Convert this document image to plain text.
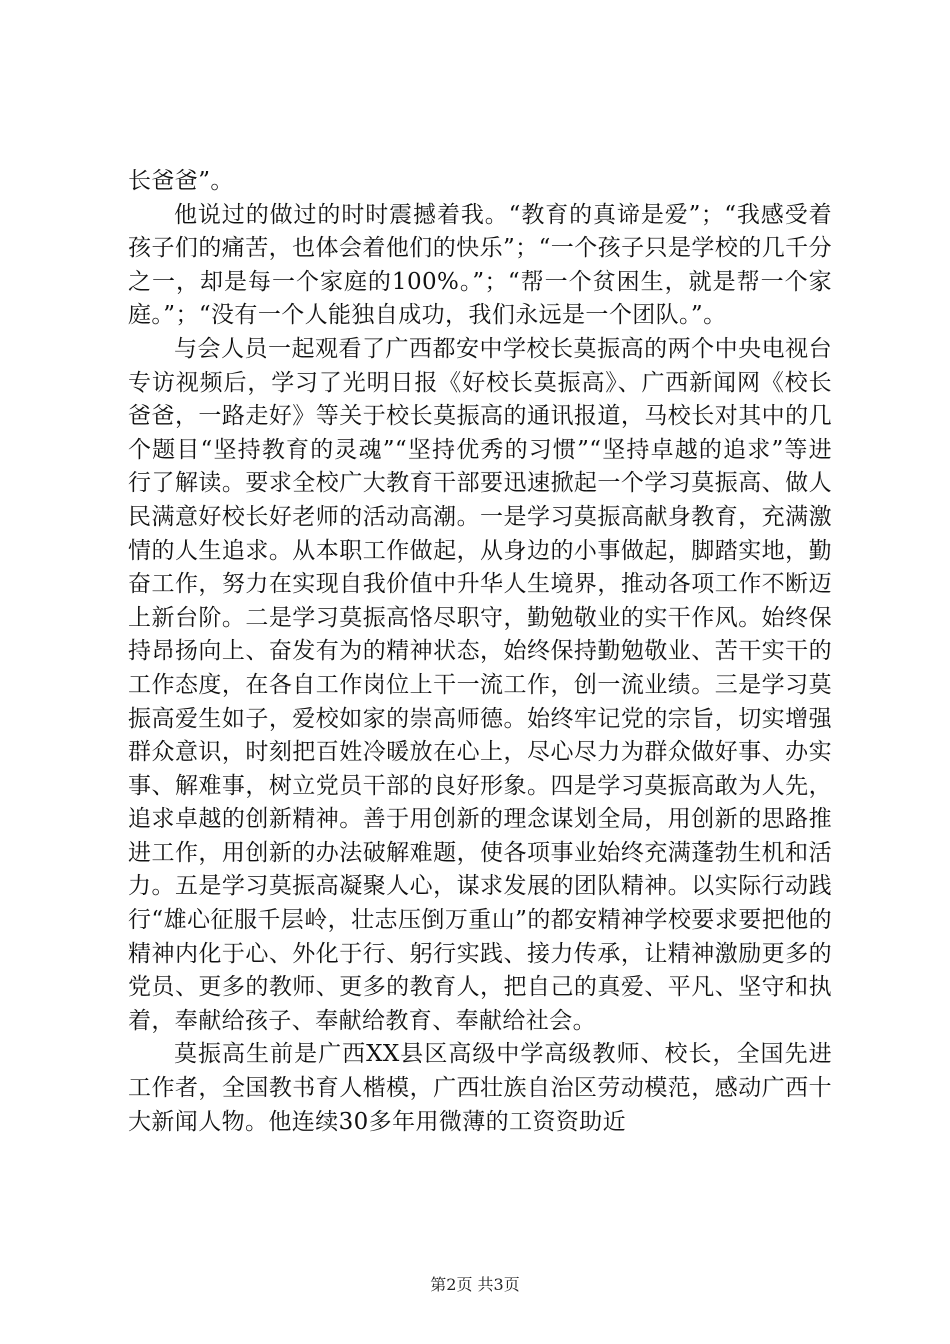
长爸爸”。

他说过的做过的时时震撼着我。“教育的真谛是爱”；“我感受着孩子们的痛苦，也体会着他们的快乐”；“一个孩子只是学校的几千分之一，却是每一个家庭的100%。”；“帮一个贫困生，就是帮一个家庭。”；“没有一个人能独自成功，我们永远是一个团队。”。

与会人员一起观看了广西都安中学校长莫振高的两个中央电视台专访视频后，学习了光明日报《好校长莫振高》、广西新闻网《校长爸爸，一路走好》等关于校长莫振高的通讯报道，马校长对其中的几个题目“坚持教育的灵魂”“坚持优秀的习惯”“坚持卓越的追求”等进行了解读。要求全校广大教育干部要迅速掀起一个学习莫振高、做人民满意好校长好老师的活动高潮。一是学习莫振高献身教育，充满激情的人生追求。从本职工作做起，从身边的小事做起，脚踏实地，勤奋工作，努力在实现自我价值中升华人生境界，推动各项工作不断迈上新台阶。二是学习莫振高恪尽职守，勤勉敬业的实干作风。始终保持昂扬向上、奋发有为的精神状态，始终保持勤勉敬业、苦干实干的工作态度，在各自工作岗位上干一流工作，创一流业绩。三是学习莫振高爱生如子，爱校如家的崇高师德。始终牢记党的宗旨，切实增强群众意识，时刻把百姓冷暖放在心上，尽心尽力为群众做好事、办实事、解难事，树立党员干部的良好形象。四是学习莫振高敢为人先，追求卓越的创新精神。善于用创新的理念谋划全局，用创新的思路推进工作，用创新的办法破解难题，使各项事业始终充满蓬勃生机和活力。五是学习莫振高凝聚人心，谋求发展的团队精神。以实际行动践行“雄心征服千层岭，壮志压倒万重山”的都安精神学校要求要把他的精神内化于心、外化于行、躬行实践、接力传承，让精神激励更多的党员、更多的教师、更多的教育人，把自己的真爱、平凡、坚守和执着，奉献给孩子、奉献给教育、奉献给社会。

莫振高生前是广西XX县区高级中学高级教师、校长，全国先进工作者，全国教书育人楷模，广西壮族自治区劳动模范，感动广西十大新闻人物。他连续30多年用微薄的工资资助近

第2页 共3页
